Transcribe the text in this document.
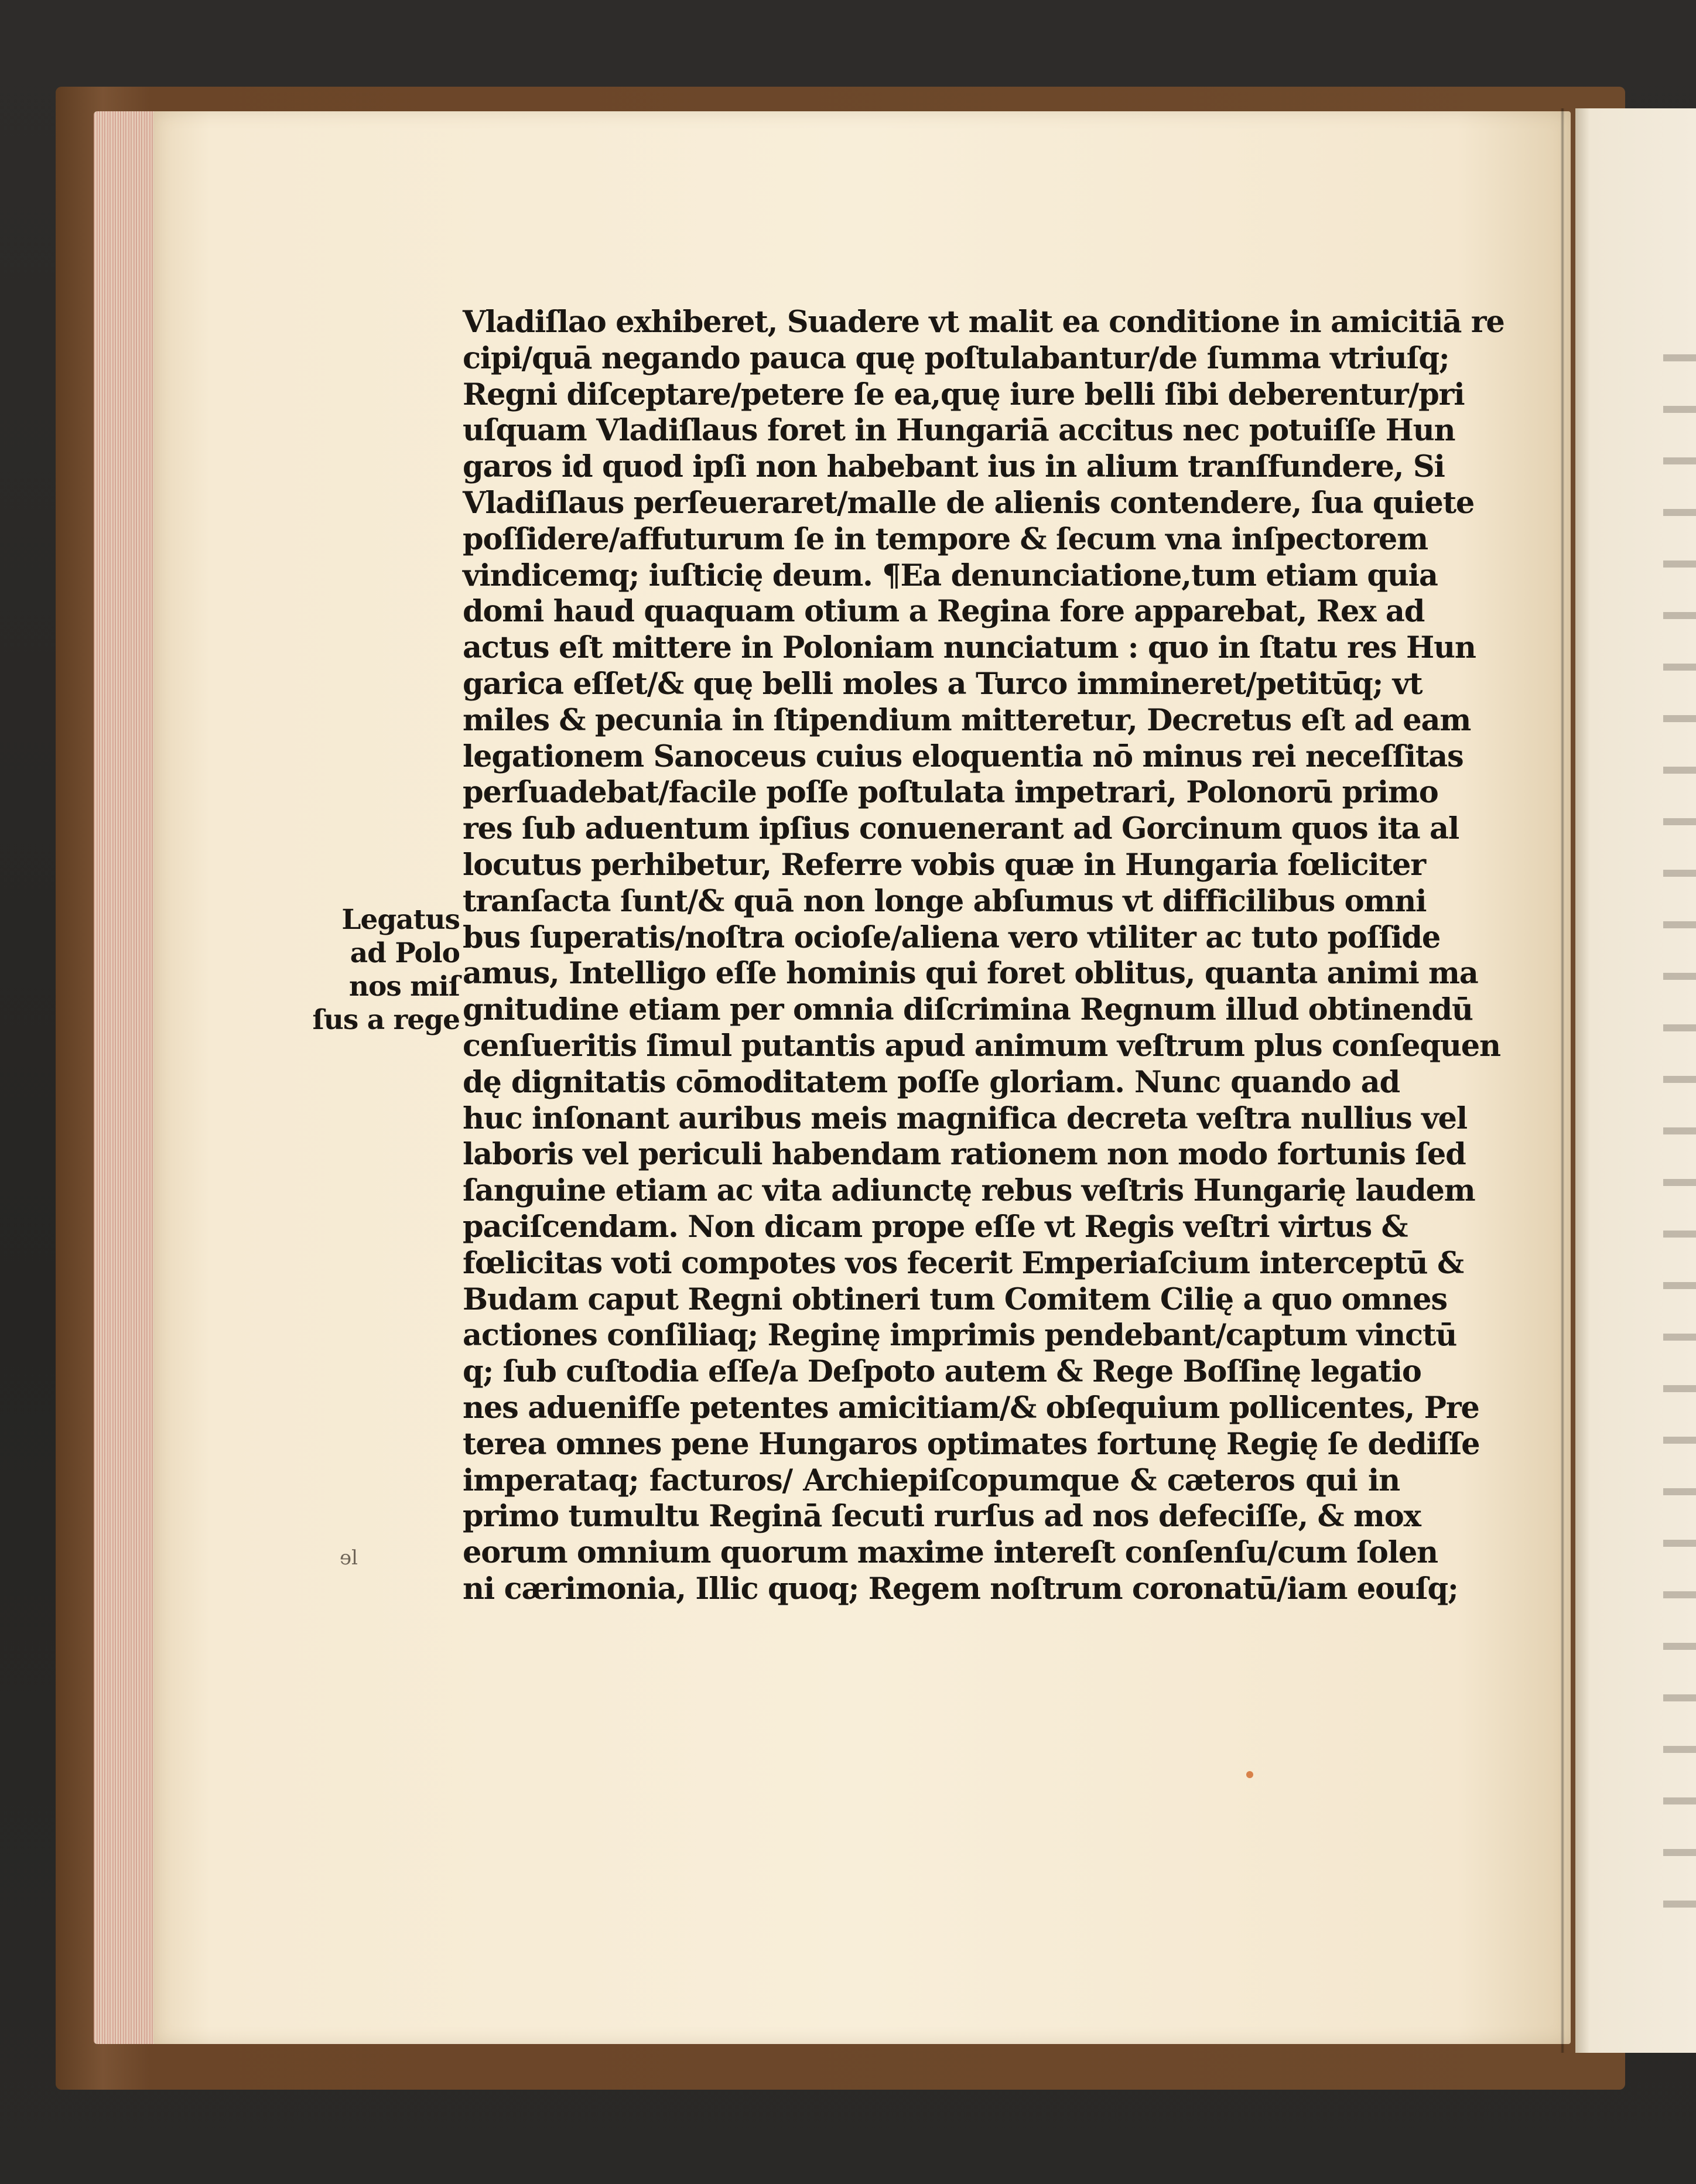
Legatus
ad Polo
nos miſ
ſus a rege
ɘl
Vladiſlao exhiberet, Suadere vt malit ea conditione in amicitiā re
cipi/quā negando pauca quę poſtulabantur/de ſumma vtriuſq;
Regni diſceptare/petere ſe ea,quę iure belli ſibi deberentur/pri
uſquam Vladiſlaus foret in Hungariā accitus nec potuiſſe Hun
garos id quod ipſi non habebant ius in alium tranſfundere, Si
Vladiſlaus perſeueraret/malle de alienis contendere, ſua quiete
poſſidere/affuturum ſe in tempore & ſecum vna inſpectorem
vindicemq; iuſticię deum. ¶Ea denunciatione,tum etiam quia
domi haud quaquam otium a Regina fore apparebat, Rex ad
actus eſt mittere in Poloniam nunciatum : quo in ſtatu res Hun
garica eſſet/& quę belli moles a Turco immineret/petitūq; vt
miles & pecunia in ſtipendium mitteretur, Decretus eſt ad eam
legationem Sanoceus cuius eloquentia nō minus rei neceſſitas
perſuadebat/facile poſſe poſtulata impetrari, Polonorū primo
res ſub aduentum ipſius conuenerant ad Gorcinum quos ita al
locutus perhibetur, Referre vobis quæ in Hungaria fœliciter
tranſacta ſunt/& quā non longe abſumus vt difficilibus omni
bus ſuperatis/noſtra ocioſe/aliena vero vtiliter ac tuto poſſide
amus, Intelligo eſſe hominis qui foret oblitus, quanta animi ma
gnitudine etiam per omnia diſcrimina Regnum illud obtinendū
cenſueritis ſimul putantis apud animum veſtrum plus conſequen
dę dignitatis cōmoditatem poſſe gloriam. Nunc quando ad
huc inſonant auribus meis magnifica decreta veſtra nullius vel
laboris vel periculi habendam rationem non modo fortunis ſed
ſanguine etiam ac vita adiunctę rebus veſtris Hungarię laudem
paciſcendam. Non dicam prope eſſe vt Regis veſtri virtus &
fœlicitas voti compotes vos fecerit Emperiaſcium interceptū &
Budam caput Regni obtineri tum Comitem Cilię a quo omnes
actiones conſiliaq; Reginę imprimis pendebant/captum vinctū
q; ſub cuſtodia eſſe/a Deſpoto autem & Rege Boſſinę legatio
nes aduenifſe petentes amicitiam/& obſequium pollicentes, Pre
terea omnes pene Hungaros optimates fortunę Regię ſe dediſſe
imperataq; facturos/ Archiepiſcopumque & cæteros qui in
primo tumultu Reginā ſecuti rurſus ad nos defeciſſe, & mox
eorum omnium quorum maxime intereſt conſenſu/cum ſolen
ni cærimonia, Illic quoq; Regem noſtrum coronatū/iam eouſq;
